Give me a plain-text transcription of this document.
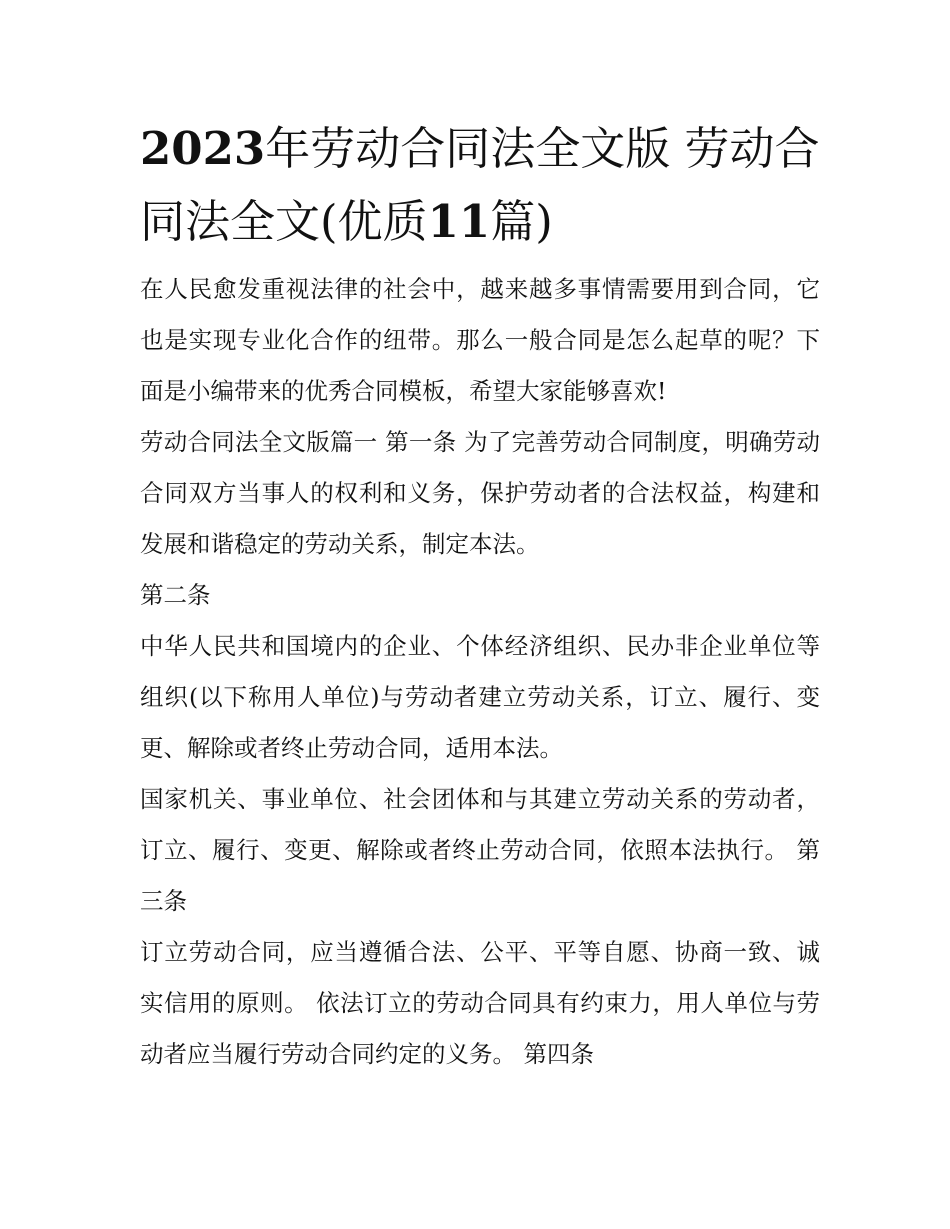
2023年劳动合同法全文版 劳动合同法全文(优质11篇)

在人民愈发重视法律的社会中，越来越多事情需要用到合同，它也是实现专业化合作的纽带。那么一般合同是怎么起草的呢？下面是小编带来的优秀合同模板，希望大家能够喜欢!

劳动合同法全文版篇一 第一条 为了完善劳动合同制度，明确劳动合同双方当事人的权利和义务，保护劳动者的合法权益，构建和发展和谐稳定的劳动关系，制定本法。

第二条

中华人民共和国境内的企业、个体经济组织、民办非企业单位等组织(以下称用人单位)与劳动者建立劳动关系，订立、履行、变更、解除或者终止劳动合同，适用本法。

国家机关、事业单位、社会团体和与其建立劳动关系的劳动者，订立、履行、变更、解除或者终止劳动合同，依照本法执行。 第三条

订立劳动合同，应当遵循合法、公平、平等自愿、协商一致、诚实信用的原则。 依法订立的劳动合同具有约束力，用人单位与劳动者应当履行劳动合同约定的义务。 第四条
